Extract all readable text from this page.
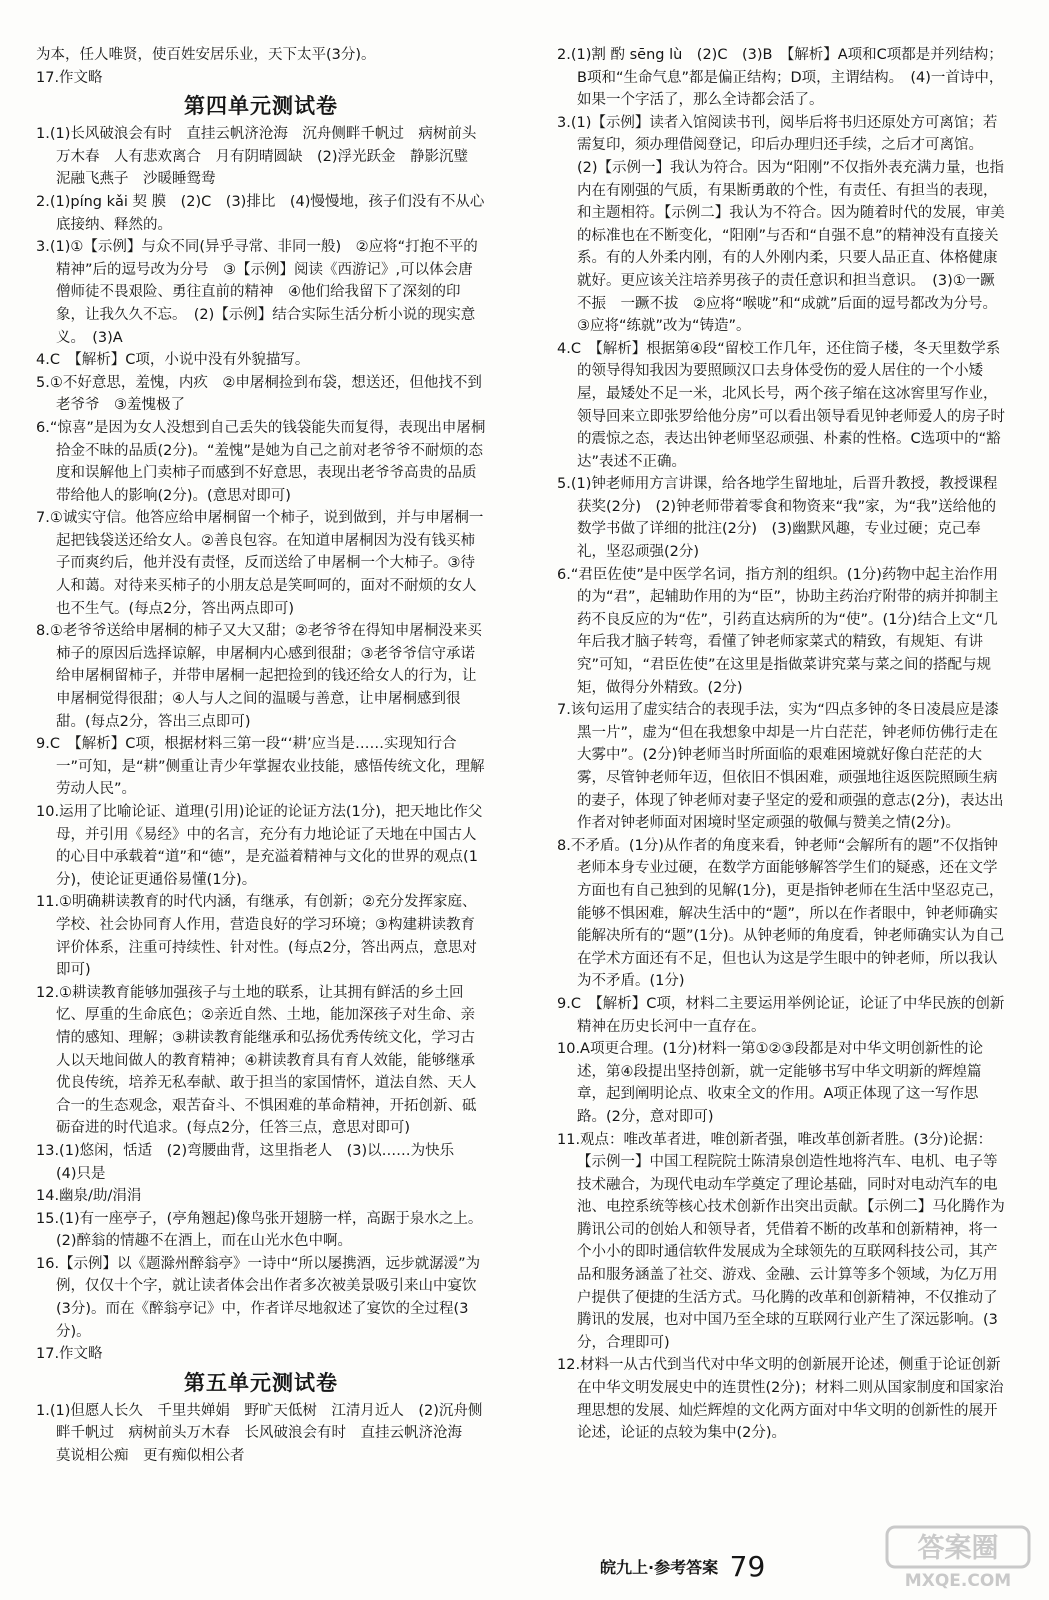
为本，任人唯贤，使百姓安居乐业，天下太平(3分)。

17.作文略

第四单元测试卷

1.(1)长风破浪会有时　直挂云帆济沧海　沉舟侧畔千帆过　病树前头万木春　人有悲欢离合　月有阴晴圆缺　(2)浮光跃金　静影沉璧　泥融飞燕子　沙暖睡鸳鸯

2.(1)píng kǎi 契 膜　(2)C　(3)排比　(4)慢慢地，孩子们没有不从心底接纳、释然的。

3.(1)①【示例】与众不同(异乎寻常、非同一般)　②应将“打抱不平的精神”后的逗号改为分号　③【示例】阅读《西游记》,可以体会唐僧师徒不畏艰险、勇往直前的精神　④他们给我留下了深刻的印象，让我久久不忘。　(2)【示例】结合实际生活分析小说的现实意义。　(3)A

4.C　【解析】C项，小说中没有外貌描写。

5.①不好意思，羞愧，内疚　②申屠桐捡到布袋，想送还，但他找不到老爷爷　③羞愧极了

6.“惊喜”是因为女人没想到自己丢失的钱袋能失而复得，表现出申屠桐拾金不昧的品质(2分)。“羞愧”是她为自己之前对老爷爷不耐烦的态度和误解他上门卖柿子而感到不好意思，表现出老爷爷高贵的品质带给他人的影响(2分)。(意思对即可)

7.①诚实守信。他答应给申屠桐留一个柿子，说到做到，并与申屠桐一起把钱袋送还给女人。②善良包容。在知道申屠桐因为没有钱买柿子而爽约后，他并没有责怪，反而送给了申屠桐一个大柿子。③待人和蔼。对待来买柿子的小朋友总是笑呵呵的，面对不耐烦的女人也不生气。(每点2分，答出两点即可)

8.①老爷爷送给申屠桐的柿子又大又甜；②老爷爷在得知申屠桐没来买柿子的原因后选择谅解，申屠桐内心感到很甜；③老爷爷信守承诺给申屠桐留柿子，并带申屠桐一起把捡到的钱还给女人的行为，让申屠桐觉得很甜；④人与人之间的温暖与善意，让申屠桐感到很甜。(每点2分，答出三点即可)

9.C　【解析】C项，根据材料三第一段“‘耕’应当是……实现知行合一”可知，是“耕”侧重让青少年掌握农业技能，感悟传统文化，理解劳动人民”。

10.运用了比喻论证、道理(引用)论证的论证方法(1分)，把天地比作父母，并引用《易经》中的名言，充分有力地论证了天地在中国古人的心目中承载着“道”和“德”，是充溢着精神与文化的世界的观点(1分)，使论证更通俗易懂(1分)。

11.①明确耕读教育的时代内涵，有继承，有创新；②充分发挥家庭、学校、社会协同育人作用，营造良好的学习环境；③构建耕读教育评价体系，注重可持续性、针对性。(每点2分，答出两点，意思对即可)

12.①耕读教育能够加强孩子与土地的联系，让其拥有鲜活的乡土回忆、厚重的生命底色；②亲近自然、土地，能加深孩子对生命、亲情的感知、理解；③耕读教育能继承和弘扬优秀传统文化，学习古人以天地间做人的教育精神；④耕读教育具有育人效能，能够继承优良传统，培养无私奉献、敢于担当的家国情怀，道法自然、天人合一的生态观念，艰苦奋斗、不惧困难的革命精神，开拓创新、砥砺奋进的时代追求。(每点2分，任答三点，意思对即可)

13.(1)悠闲，恬适　(2)弯腰曲背，这里指老人　(3)以……为快乐　(4)只是

14.幽泉/助/涓涓

15.(1)有一座亭子，(亭角翘起)像鸟张开翅膀一样，高踞于泉水之上。　(2)醉翁的情趣不在酒上，而在山光水色中啊。

16.【示例】以《题滁州醉翁亭》一诗中“所以屡携酒，远步就潺湲”为例，仅仅十个字，就让读者体会出作者多次被美景吸引来山中宴饮(3分)。而在《醉翁亭记》中，作者详尽地叙述了宴饮的全过程(3分)。

17.作文略

第五单元测试卷

1.(1)但愿人长久　千里共婵娟　野旷天低树　江清月近人　(2)沉舟侧畔千帆过　病树前头万木春　长风破浪会有时　直挂云帆济沧海　莫说相公痴　更有痴似相公者

2.(1)割 酌 sēng lù　(2)C　(3)B　【解析】A项和C项都是并列结构；B项和“生命气息”都是偏正结构；D项，主谓结构。　(4)一首诗中，如果一个字活了，那么全诗都会活了。

3.(1)【示例】读者入馆阅读书刊，阅毕后将书归还原处方可离馆；若需复印，须办理借阅登记，印后办理归还手续，之后才可离馆。　(2)【示例一】我认为符合。因为“阳刚”不仅指外表充满力量，也指内在有刚强的气质，有果断勇敢的个性，有责任、有担当的表现，和主题相符。【示例二】我认为不符合。因为随着时代的发展，审美的标准也在不断变化，“阳刚”与否和“自强不息”的精神没有直接关系。有的人外柔内刚，有的人外刚内柔，只要人品正直、体格健康就好。更应该关注培养男孩子的责任意识和担当意识。　(3)①一蹶不振　一蹶不拔　②应将“喉咙”和“成就”后面的逗号都改为分号。　③应将“练就”改为“铸造”。

4.C　【解析】根据第④段“留校工作几年，还住筒子楼，冬天里数学系的领导得知我因为要照顾汉口去身体受伤的爱人居住的一个小矮屋，最矮处不足一米，北风长号，两个孩子缩在这冰窖里写作业，领导回来立即张罗给他分房”可以看出领导看见钟老师爱人的房子时的震惊之态，表达出钟老师坚忍顽强、朴素的性格。C选项中的“豁达”表述不正确。

5.(1)钟老师用方言讲课，给各地学生留地址，后晋升教授，教授课程获奖(2分)　(2)钟老师带着零食和物资来“我”家，为“我”送给他的数学书做了详细的批注(2分)　(3)幽默风趣，专业过硬；克己奉礼，坚忍顽强(2分)

6.“君臣佐使”是中医学名词，指方剂的组织。(1分)药物中起主治作用的为“君”，起辅助作用的为“臣”，协助主药治疗附带的病并抑制主药不良反应的为“佐”，引药直达病所的为“使”。(1分)结合上文“几年后我才脑子转弯，看懂了钟老师家菜式的精致，有规矩、有讲究”可知，“君臣佐使”在这里是指做菜讲究菜与菜之间的搭配与规矩，做得分外精致。(2分)

7.该句运用了虚实结合的表现手法，实为“四点多钟的冬日凌晨应是漆黑一片”，虚为“但在我想象中却是一片白茫茫，钟老师仿佛行走在大雾中”。(2分)钟老师当时所面临的艰难困境就好像白茫茫的大雾，尽管钟老师年迈，但依旧不惧困难，顽强地往返医院照顾生病的妻子，体现了钟老师对妻子坚定的爱和顽强的意志(2分)，表达出作者对钟老师面对困境时坚定顽强的敬佩与赞美之情(2分)。

8.不矛盾。(1分)从作者的角度来看，钟老师“会解所有的题”不仅指钟老师本身专业过硬，在数学方面能够解答学生们的疑惑，还在文学方面也有自己独到的见解(1分)，更是指钟老师在生活中坚忍克己，能够不惧困难，解决生活中的“题”，所以在作者眼中，钟老师确实能解决所有的“题”(1分)。从钟老师的角度看，钟老师确实认为自己在学术方面还有不足，但也认为这是学生眼中的钟老师，所以我认为不矛盾。(1分)

9.C　【解析】C项，材料二主要运用举例论证，论证了中华民族的创新精神在历史长河中一直存在。

10.A项更合理。(1分)材料一第①②③段都是对中华文明创新性的论述，第④段提出坚持创新，就一定能够书写中华文明新的辉煌篇章，起到阐明论点、收束全文的作用。A项正体现了这一写作思路。(2分，意对即可)

11.观点：唯改革者进，唯创新者强，唯改革创新者胜。(3分)论据：【示例一】中国工程院院士陈清泉创造性地将汽车、电机、电子等技术融合，为现代电动车学奠定了理论基础，同时对电动汽车的电池、电控系统等核心技术创新作出突出贡献。【示例二】马化腾作为腾讯公司的创始人和领导者，凭借着不断的改革和创新精神，将一个小小的即时通信软件发展成为全球领先的互联网科技公司，其产品和服务涵盖了社交、游戏、金融、云计算等多个领域，为亿万用户提供了便捷的生活方式。马化腾的改革和创新精神，不仅推动了腾讯的发展，也对中国乃至全球的互联网行业产生了深远影响。(3分，合理即可)

12.材料一从古代到当代对中华文明的创新展开论述，侧重于论证创新在中华文明发展史中的连贯性(2分)；材料二则从国家制度和国家治理思想的发展、灿烂辉煌的文化两方面对中华文明的创新性的展开论述，论证的点较为集中(2分)。

皖九上·参考答案 79
答案圈
MXQE.COM
